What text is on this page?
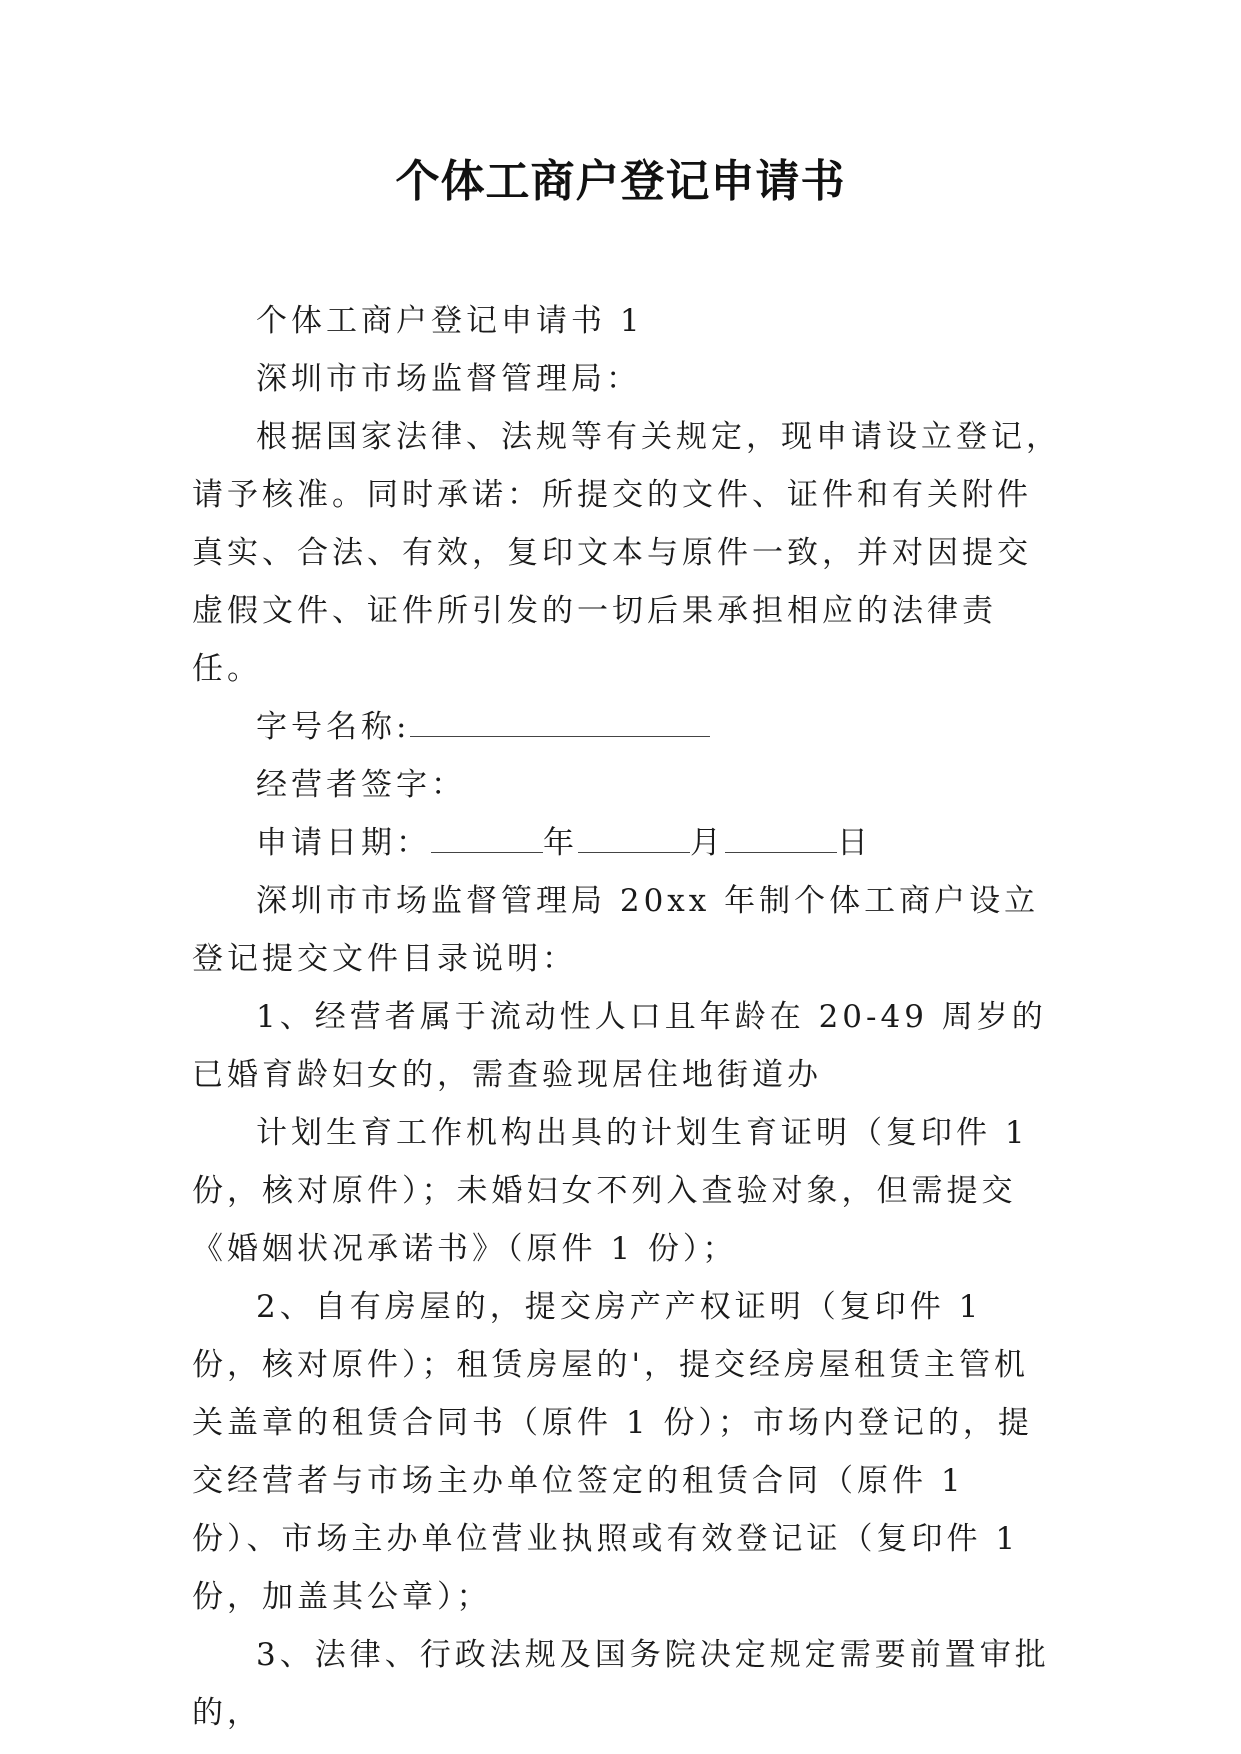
个体工商户登记申请书

个体工商户登记申请书 1

深圳市市场监督管理局：

根据国家法律、法规等有关规定，现申请设立登记，请予核准。同时承诺：所提交的文件、证件和有关附件真实、合法、有效，复印文本与原件一致，并对因提交虚假文件、证件所引发的一切后果承担相应的法律责任。

字号名称:

经营者签字：

申请日期：	年	月	日

深圳市市场监督管理局 20xx 年制个体工商户设立登记提交文件目录说明：

1、经营者属于流动性人口且年龄在 20-49 周岁的已婚育龄妇女的，需查验现居住地街道办

计划生育工作机构出具的计划生育证明（复印件 1 份，核对原件）；未婚妇女不列入查验对象，但需提交《婚姻状况承诺书》（原件 1 份）；

2、自有房屋的，提交房产产权证明（复印件 1 份，核对原件）；租赁房屋的'，提交经房屋租赁主管机关盖章的租赁合同书（原件 1 份）；市场内登记的，提交经营者与市场主办单位签定的租赁合同（原件 1 份）、市场主办单位营业执照或有效登记证（复印件 1 份，加盖其公章）；

3、法律、行政法规及国务院决定规定需要前置审批的，
